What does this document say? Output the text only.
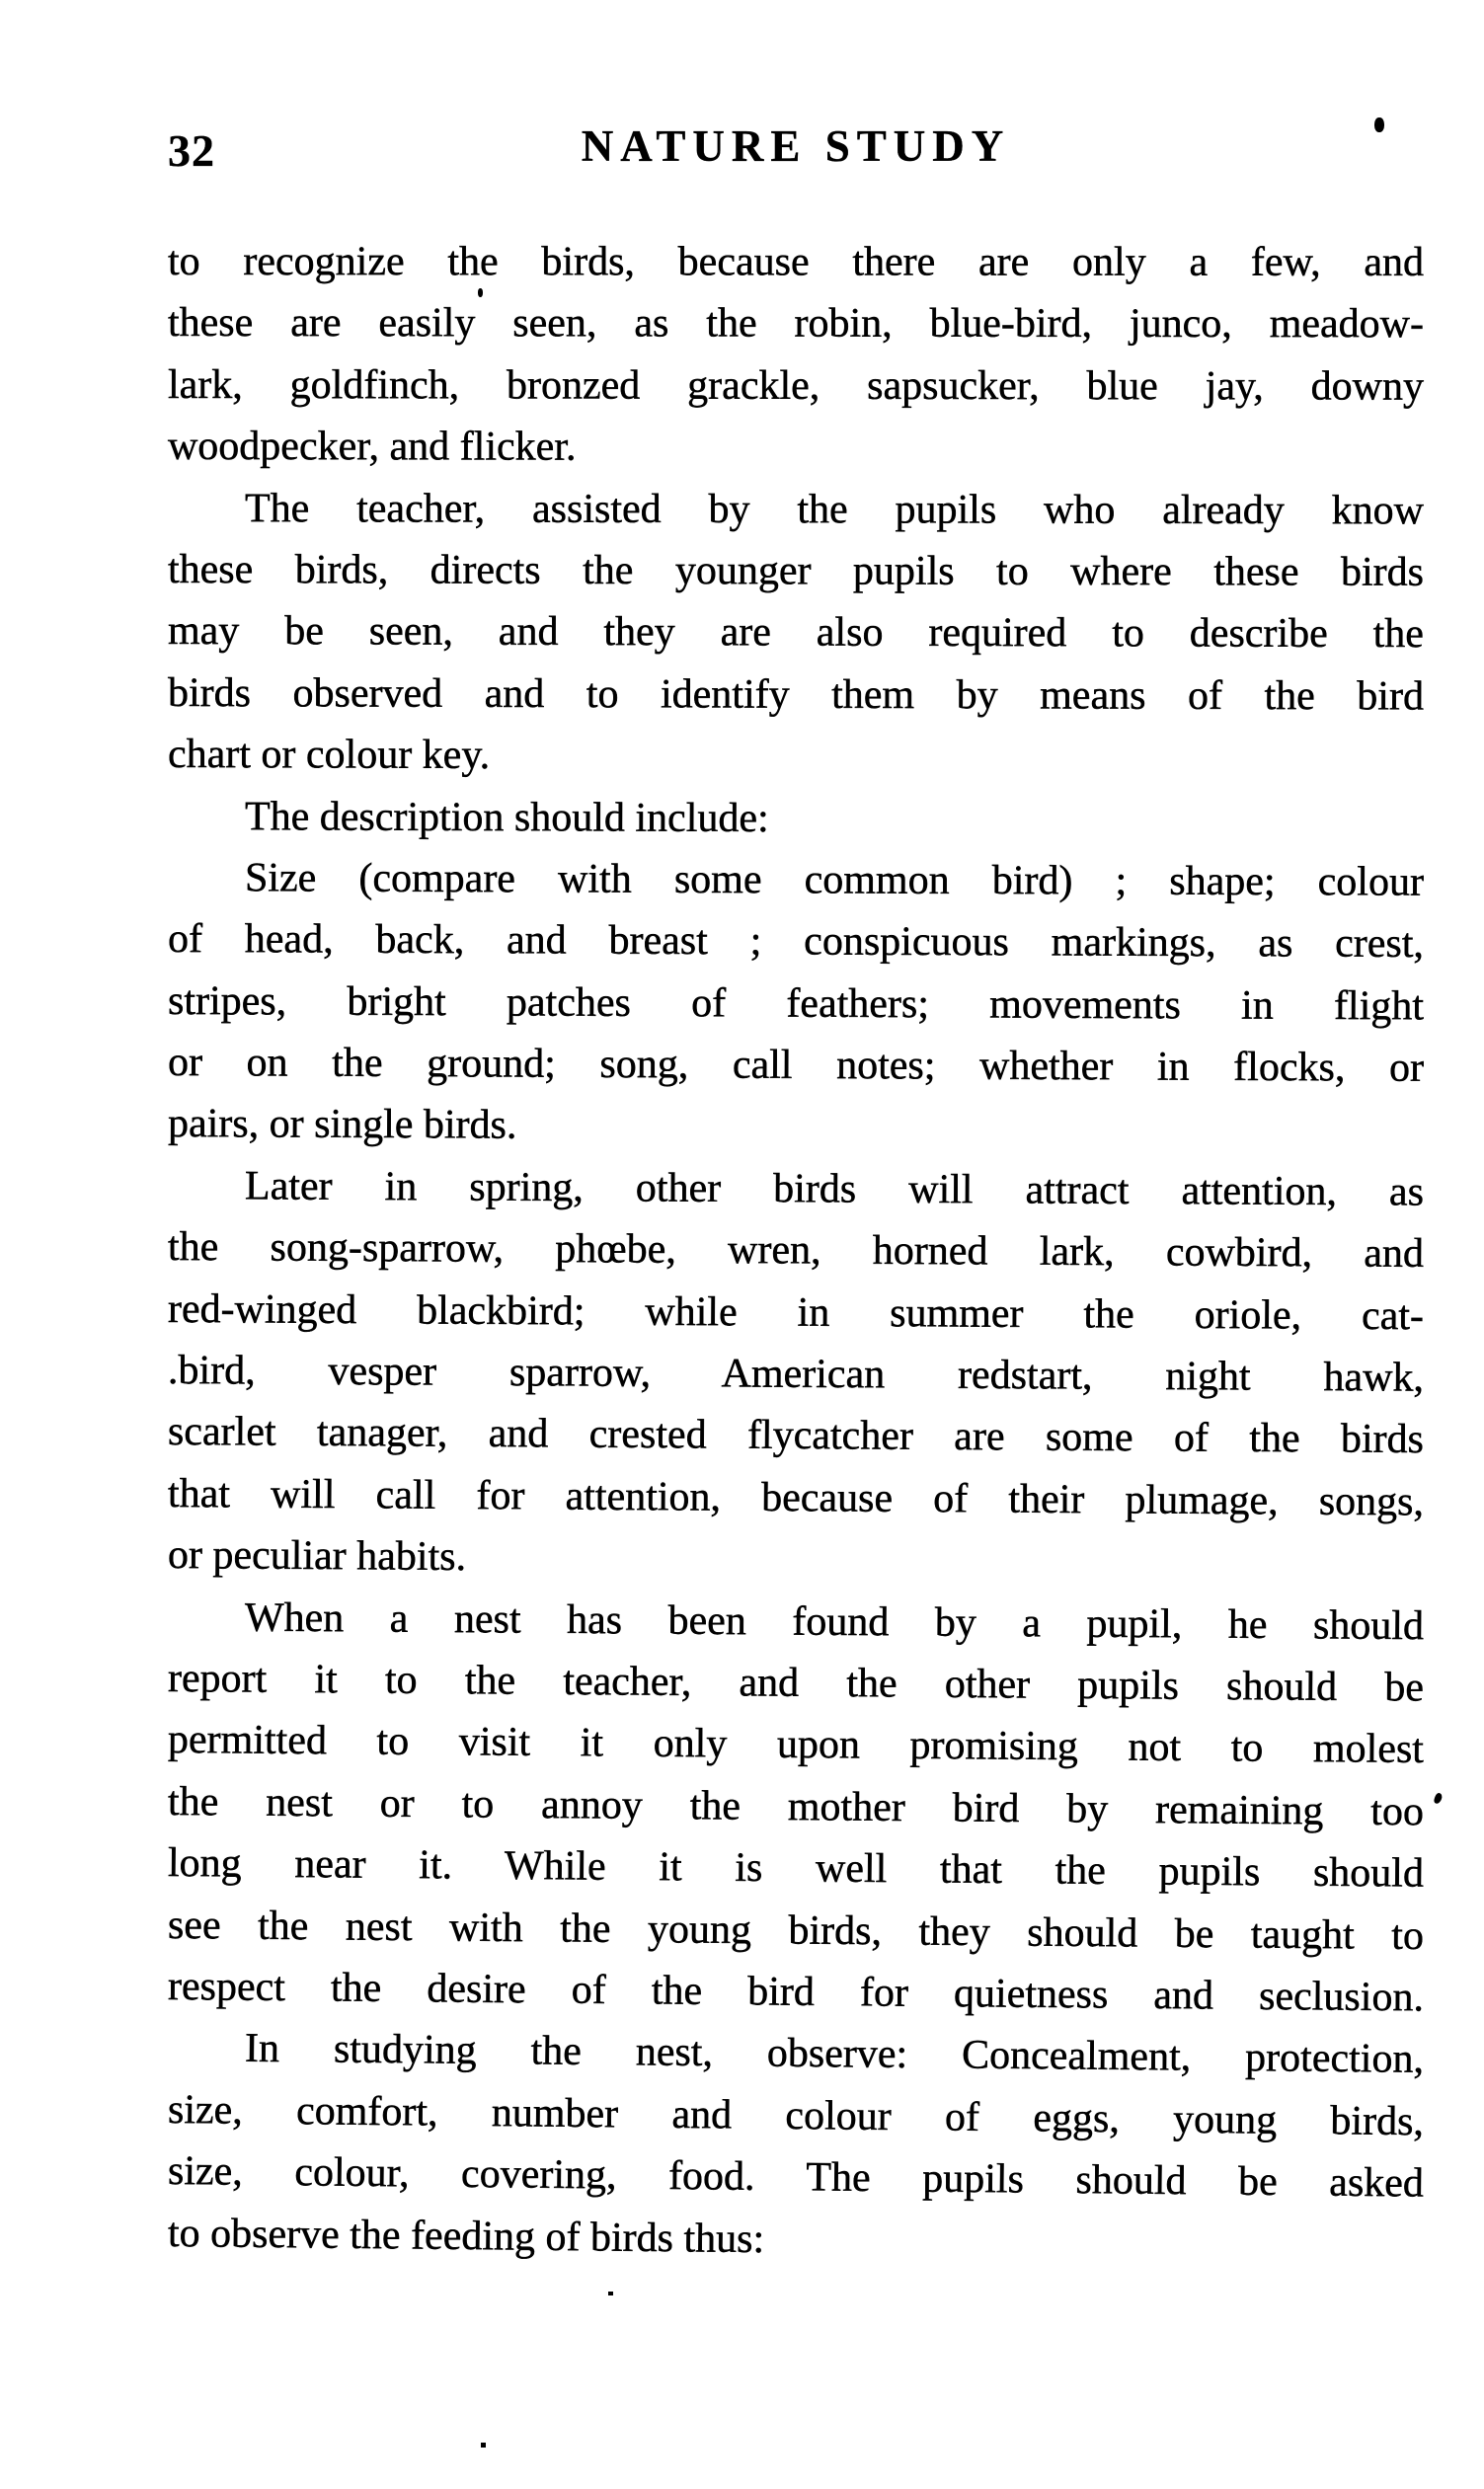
32	NATURE STUDY
to recognize the birds, because there are only a few, and
these are easily seen, as the robin, blue-bird, junco, meadow-
lark, goldfinch, bronzed grackle, sapsucker, blue jay, downy
woodpecker, and flicker.
The teacher, assisted by the pupils who already know
these birds, directs the younger pupils to where these birds
may be seen, and they are also required to describe the
birds observed and to identify them by means of the bird
chart or colour key.
The description should include:
Size (compare with some common bird) ; shape; colour
of head, back, and breast ; conspicuous markings, as crest,
stripes, bright patches of feathers; movements in flight
or on the ground; song, call notes; whether in flocks, or
pairs, or single birds.
Later in spring, other birds will attract attention, as
the song-sparrow, phœbe, wren, horned lark, cowbird, and
red-winged blackbird; while in summer the oriole, cat-
.bird, vesper sparrow, American redstart, night hawk,
scarlet tanager, and crested flycatcher are some of the birds
that will call for attention, because of their plumage, songs,
or peculiar habits.
When a nest has been found by a pupil, he should
report it to the teacher, and the other pupils should be
permitted to visit it only upon promising not to molest
the nest or to annoy the mother bird by remaining too
long near it. While it is well that the pupils should
see the nest with the young birds, they should be taught to
respect the desire of the bird for quietness and seclusion.
In studying the nest, observe: Concealment, protection,
size, comfort, number and colour of eggs, young birds,
size, colour, covering, food. The pupils should be asked
to observe the feeding of birds thus:
